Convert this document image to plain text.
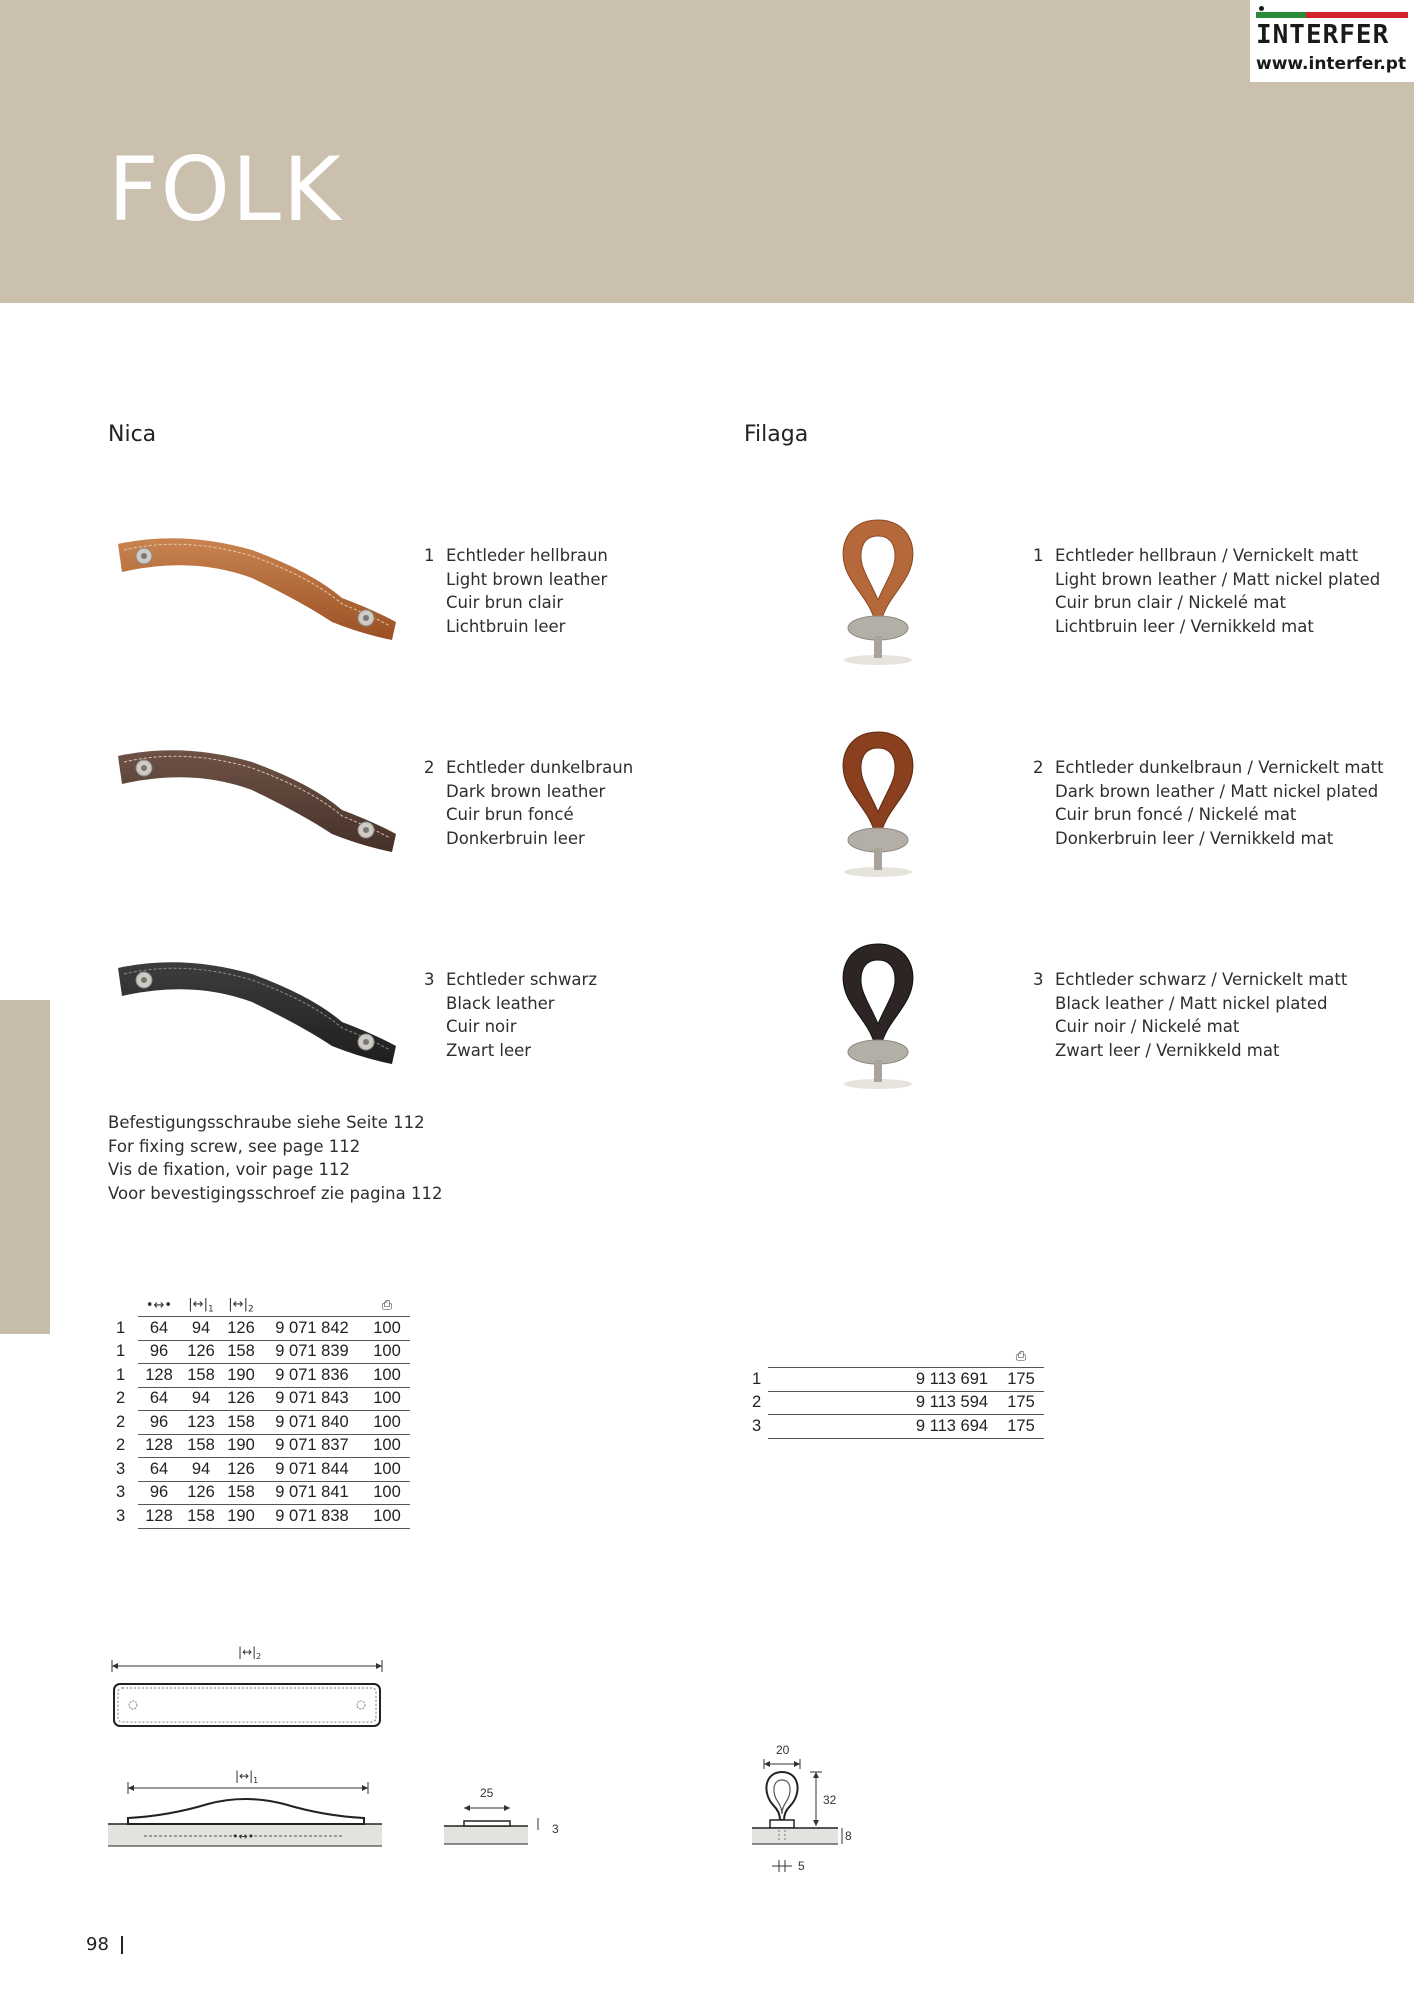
FOLK
INTERFER
www.interfer.pt
Nica	Filaga
1 Echtleder hellbraun
Light brown leather
Cuir brun clair
Lichtbruin leer
2 Echtleder dunkelbraun
Dark brown leather
Cuir brun foncé
Donkerbruin leer
3 Echtleder schwarz
Black leather
Cuir noir
Zwart leer
1 Echtleder hellbraun / Vernickelt matt
Light brown leather / Matt nickel plated
Cuir brun clair / Nickelé mat
Lichtbruin leer / Vernikkeld mat
2 Echtleder dunkelbraun / Vernickelt matt
Dark brown leather / Matt nickel plated
Cuir brun foncé / Nickelé mat
Donkerbruin leer / Vernikkeld mat
3 Echtleder schwarz / Vernickelt matt
Black leather / Matt nickel plated
Cuir noir / Nickelé mat
Zwart leer / Vernikkeld mat
Befestigungsschraube siehe Seite 112
For fixing screw, see page 112
Vis de fixation, voir page 112
Voor bevestigingsschroef zie pagina 112
	•↔•	$|\leftrightarrow|_1$	$|\leftrightarrow|_2$		⎙
1	64	94	126	9 071 842	100
1	96	126	158	9 071 839	100
1	128	158	190	9 071 836	100
2	64	94	126	9 071 843	100
2	96	123	158	9 071 840	100
2	128	158	190	9 071 837	100
3	64	94	126	9 071 844	100
3	96	126	158	9 071 841	100
3	128	158	190	9 071 838	100
			⎙
1		9 113 691	175
2		9 113 594	175
3		9 113 694	175
$|\leftrightarrow|_2$
$|\leftrightarrow|_1$
•↔•
25
3
20
32
8
5
98
